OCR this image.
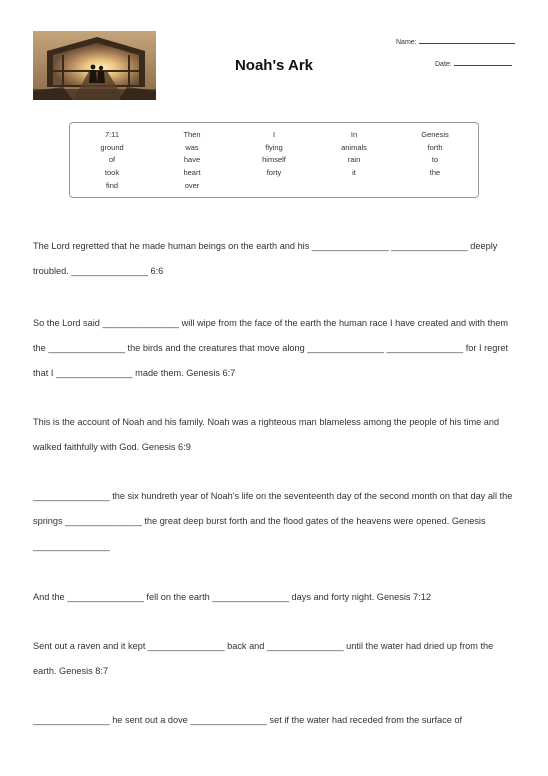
Noah's Ark
Name:
Date:
7:11
ground
of
took
find
Then
was
have
heart
over
I
flying
himself
forty
In
animals
rain
it
Genesis
forth
to
the
The Lord regretted that he made human beings on the earth and his _______________ _______________ deeply troubled. _______________ 6:6
So the Lord said _______________ will wipe from the face of the earth the human race I have created and with them the _______________ the birds and the creatures that move along _______________ _______________ for I regret that I _______________ made them. Genesis 6:7
This is the account of Noah and his family. Noah was a righteous man blameless among the people of his time and walked faithfully with God. Genesis 6:9
_______________ the six hundreth year of Noah's life on the seventeenth day of the second month on that day all the springs _______________ the great deep burst forth and the flood gates of the heavens were opened. Genesis _______________
And the _______________ fell on the earth _______________ days and forty night. Genesis 7:12
Sent out a raven and it kept _______________ back and _______________ until the water had dried up from the earth. Genesis 8:7
_______________ he sent out a dove _______________ set if the water had receded from the surface of
